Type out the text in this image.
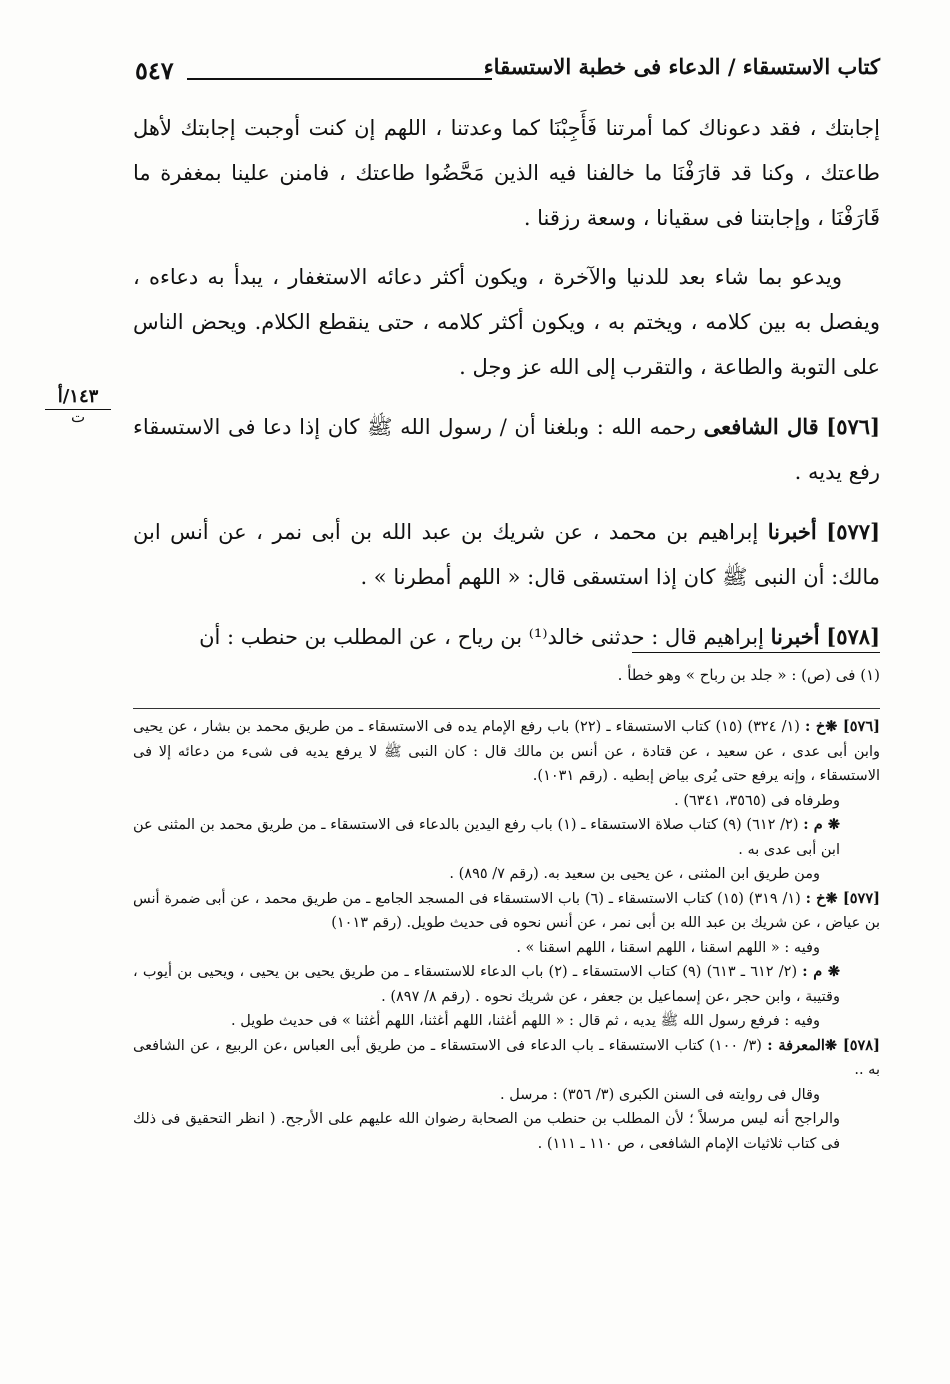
٥٤٧	كتاب الاستسقاء / الدعاء فى خطبة الاستسقاء
١٤٣/أ
ت

إجابتك ، فقد دعوناك كما أمرتنا فَأَجِبْنَا كما وعدتنا ، اللهم إن كنت أوجبت إجابتك لأهل طاعتك ، وكنا قد قارَفْنَا ما خالفنا فيه الذين مَحَّضُوا طاعتك ، فامنن علينا بمغفرة ما قَارَفْنَا ، وإجابتنا فى سقيانا ، وسعة رزقنا .

ويدعو بما شاء بعد للدنيا والآخرة ، ويكون أكثر دعائه الاستغفار ، يبدأ به دعاءه ، ويفصل به بين كلامه ، ويختم به ، ويكون أكثر كلامه ، حتى ينقطع الكلام. ويحض الناس على التوبة والطاعة ، والتقرب إلى الله عز وجل .

[٥٧٦] قال الشافعى رحمه الله : وبلغنا أن / رسول الله ﷺ كان إذا دعا فى الاستسقاء رفع يديه .

[٥٧٧] أخبرنا إبراهيم بن محمد ، عن شريك بن عبد الله بن أبى نمر ، عن أنس ابن مالك: أن النبى ﷺ كان إذا استسقى قال: « اللهم أمطرنا » .

[٥٧٨] أخبرنا إبراهيم قال : حدثنى خالد⁽¹⁾ بن رياح ، عن المطلب بن حنطب : أن

(١) فى (ص) : « جلد بن رباح » وهو خطأ .

[٥٧٦] ❋خ : (١/ ٣٢٤) (١٥) كتاب الاستسقاء ـ (٢٢) باب رفع الإمام يده فى الاستسقاء ـ من طريق محمد بن بشار ، عن يحيى وابن أبى عدى ، عن سعيد ، عن قتادة ، عن أنس بن مالك قال : كان النبى ﷺ لا يرفع يديه فى شىء من دعائه إلا فى الاستسقاء ، وإنه يرفع حتى يُرى بياض إبطيه . (رقم ١٠٣١).

وطرفاه فى (٣٥٦٥، ٦٣٤١) .

❋ م : (٢/ ٦١٢) (٩) كتاب صلاة الاستسقاء ـ (١) باب رفع اليدين بالدعاء فى الاستسقاء ـ من طريق محمد بن المثنى عن ابن أبى عدى به .

ومن طريق ابن المثنى ، عن يحيى بن سعيد به. (رقم ٧/ ٨٩٥) .

[٥٧٧] ❋خ : (١/ ٣١٩) (١٥) كتاب الاستسقاء ـ (٦) باب الاستسقاء فى المسجد الجامع ـ من طريق محمد ، عن أبى ضمرة أنس بن عياض ، عن شريك بن عبد الله بن أبى نمر ، عن أنس نحوه فى حديث طويل. (رقم ١٠١٣)

وفيه : « اللهم اسقنا ، اللهم اسقنا ، اللهم اسقنا » .

❋ م : (٢/ ٦١٢ ـ ٦١٣) (٩) كتاب الاستسقاء ـ (٢) باب الدعاء للاستسقاء ـ من طريق يحيى بن يحيى ، ويحيى بن أيوب ، وقتيبة ، وابن حجر ،عن إسماعيل بن جعفر ، عن شريك نحوه . (رقم ٨/ ٨٩٧) .

وفيه : فرفع رسول الله ﷺ يديه ، ثم قال : « اللهم أغثنا، اللهم أغثنا، اللهم أغثنا » فى حديث طويل .

[٥٧٨] ❋المعرفة : (٣/ ١٠٠) كتاب الاستسقاء ـ باب الدعاء فى الاستسقاء ـ من طريق أبى العباس ،عن الربيع ، عن الشافعى به ..

وقال فى روايته فى السنن الكبرى (٣/ ٣٥٦) : مرسل .

والراجح أنه ليس مرسلاً ؛ لأن المطلب بن حنطب من الصحابة رضوان الله عليهم على الأرجح. ( انظر التحقيق فى ذلك فى كتاب ثلاثيات الإمام الشافعى ، ص ١١٠ ـ ١١١) .
